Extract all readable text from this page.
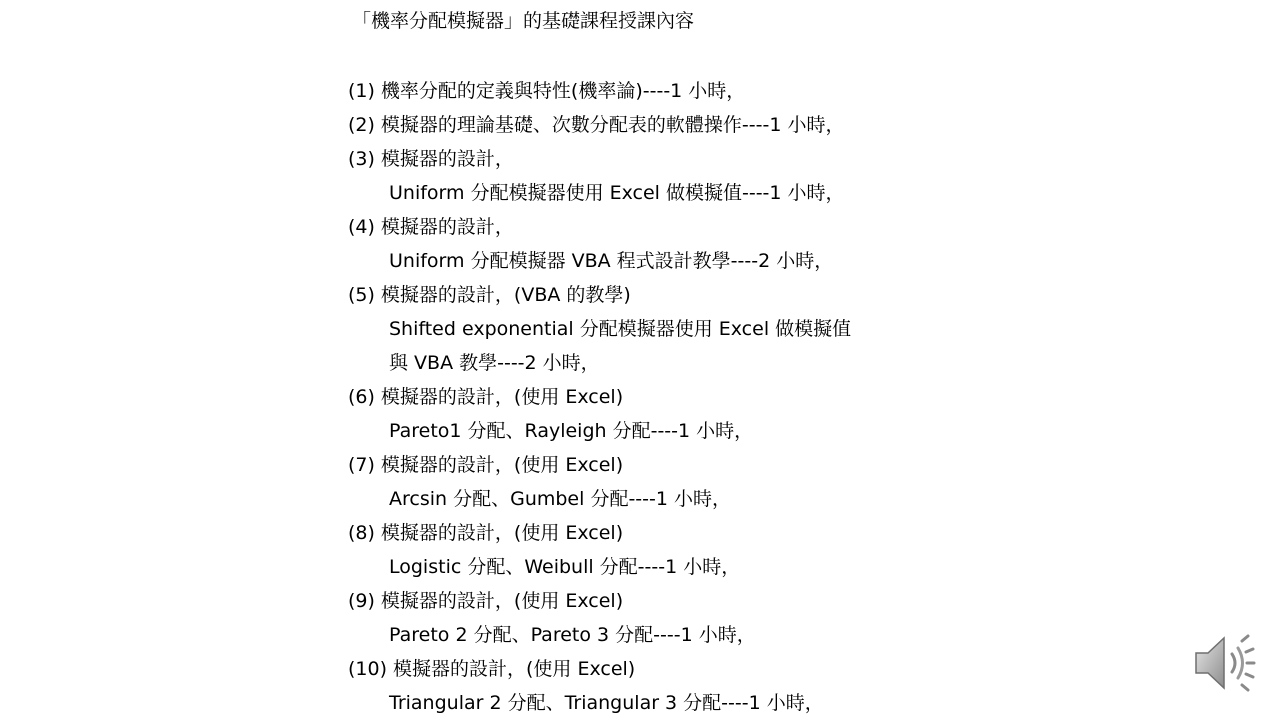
「機率分配模擬器」的基礎課程授課內容
(1) 機率分配的定義與特性(機率論)----1 小時，
(2) 模擬器的理論基礎、次數分配表的軟體操作----1 小時，
(3) 模擬器的設計，
Uniform 分配模擬器使用 Excel 做模擬值----1 小時，
(4) 模擬器的設計，
Uniform 分配模擬器 VBA 程式設計教學----2 小時，
(5) 模擬器的設計，(VBA 的教學)
Shifted exponential 分配模擬器使用 Excel 做模擬值
與 VBA 教學----2 小時，
(6) 模擬器的設計，(使用 Excel)
Pareto1 分配、Rayleigh 分配----1 小時，
(7) 模擬器的設計，(使用 Excel)
Arcsin 分配、Gumbel 分配----1 小時，
(8) 模擬器的設計，(使用 Excel)
Logistic 分配、Weibull 分配----1 小時，
(9) 模擬器的設計，(使用 Excel)
Pareto 2 分配、Pareto 3 分配----1 小時，
(10) 模擬器的設計，(使用 Excel)
Triangular 2 分配、Triangular 3 分配----1 小時，
